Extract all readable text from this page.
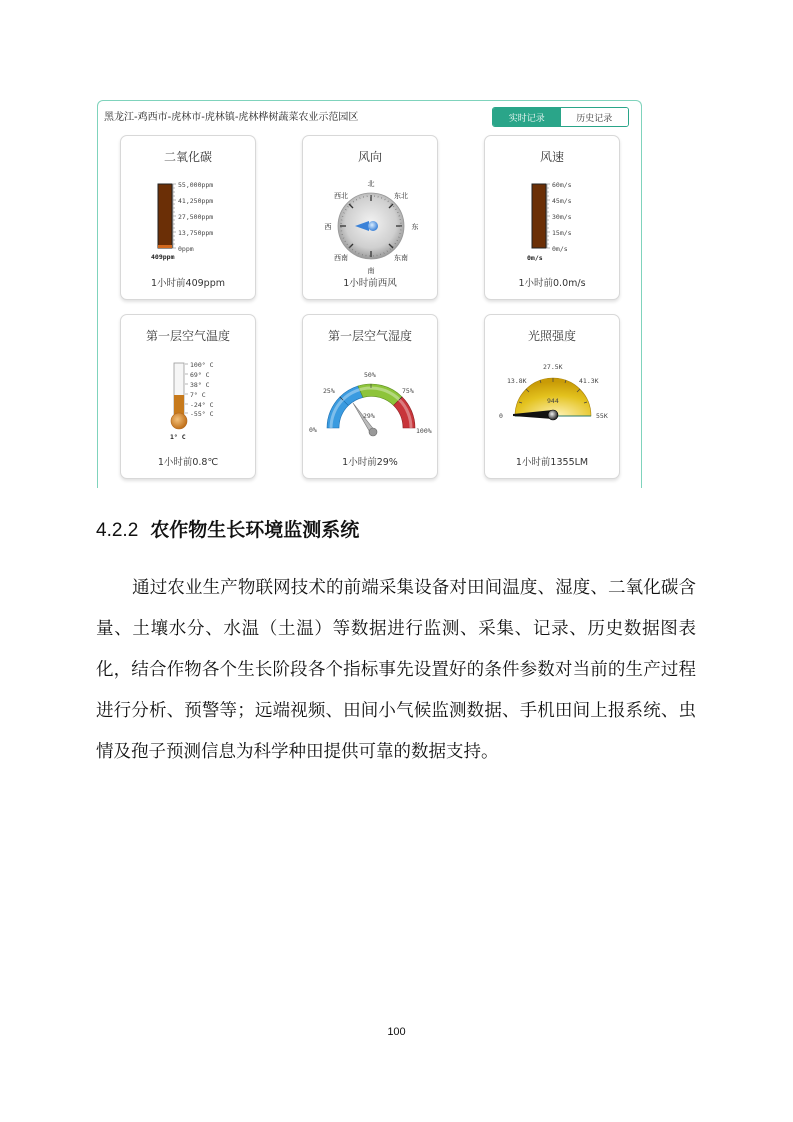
黑龙江-鸡西市-虎林市-虎林镇-虎林桦树蔬菜农业示范园区	实时记录	历史记录
二氧化碳
55,000ppm
41,250ppm
27,500ppm
13,750ppm
0ppm
409ppm
1小时前409ppm
风向
北
西北	东北
西	东
西南	东南
南
1小时前西风
风速
60m/s
45m/s
30m/s
15m/s
0m/s
0m/s
1小时前0.0m/s
第一层空气温度
100° C
69° C
38° C
7° C
-24° C
-55° C
1° C
1小时前0.8℃
第一层空气湿度
0%
25%
50%
75%
100%
29%
1小时前29%
光照强度
0
13.8K
27.5K
41.3K
55K
944
1小时前1355LM
4.2.2 农作物生长环境监测系统
通过农业生产物联网技术的前端采集设备对田间温度、湿度、二氧化碳含量、土壤水分、水温（土温）等数据进行监测、采集、记录、历史数据图表化，结合作物各个生长阶段各个指标事先设置好的条件参数对当前的生产过程进行分析、预警等；远端视频、田间小气候监测数据、手机田间上报系统、虫情及孢子预测信息为科学种田提供可靠的数据支持。
100
